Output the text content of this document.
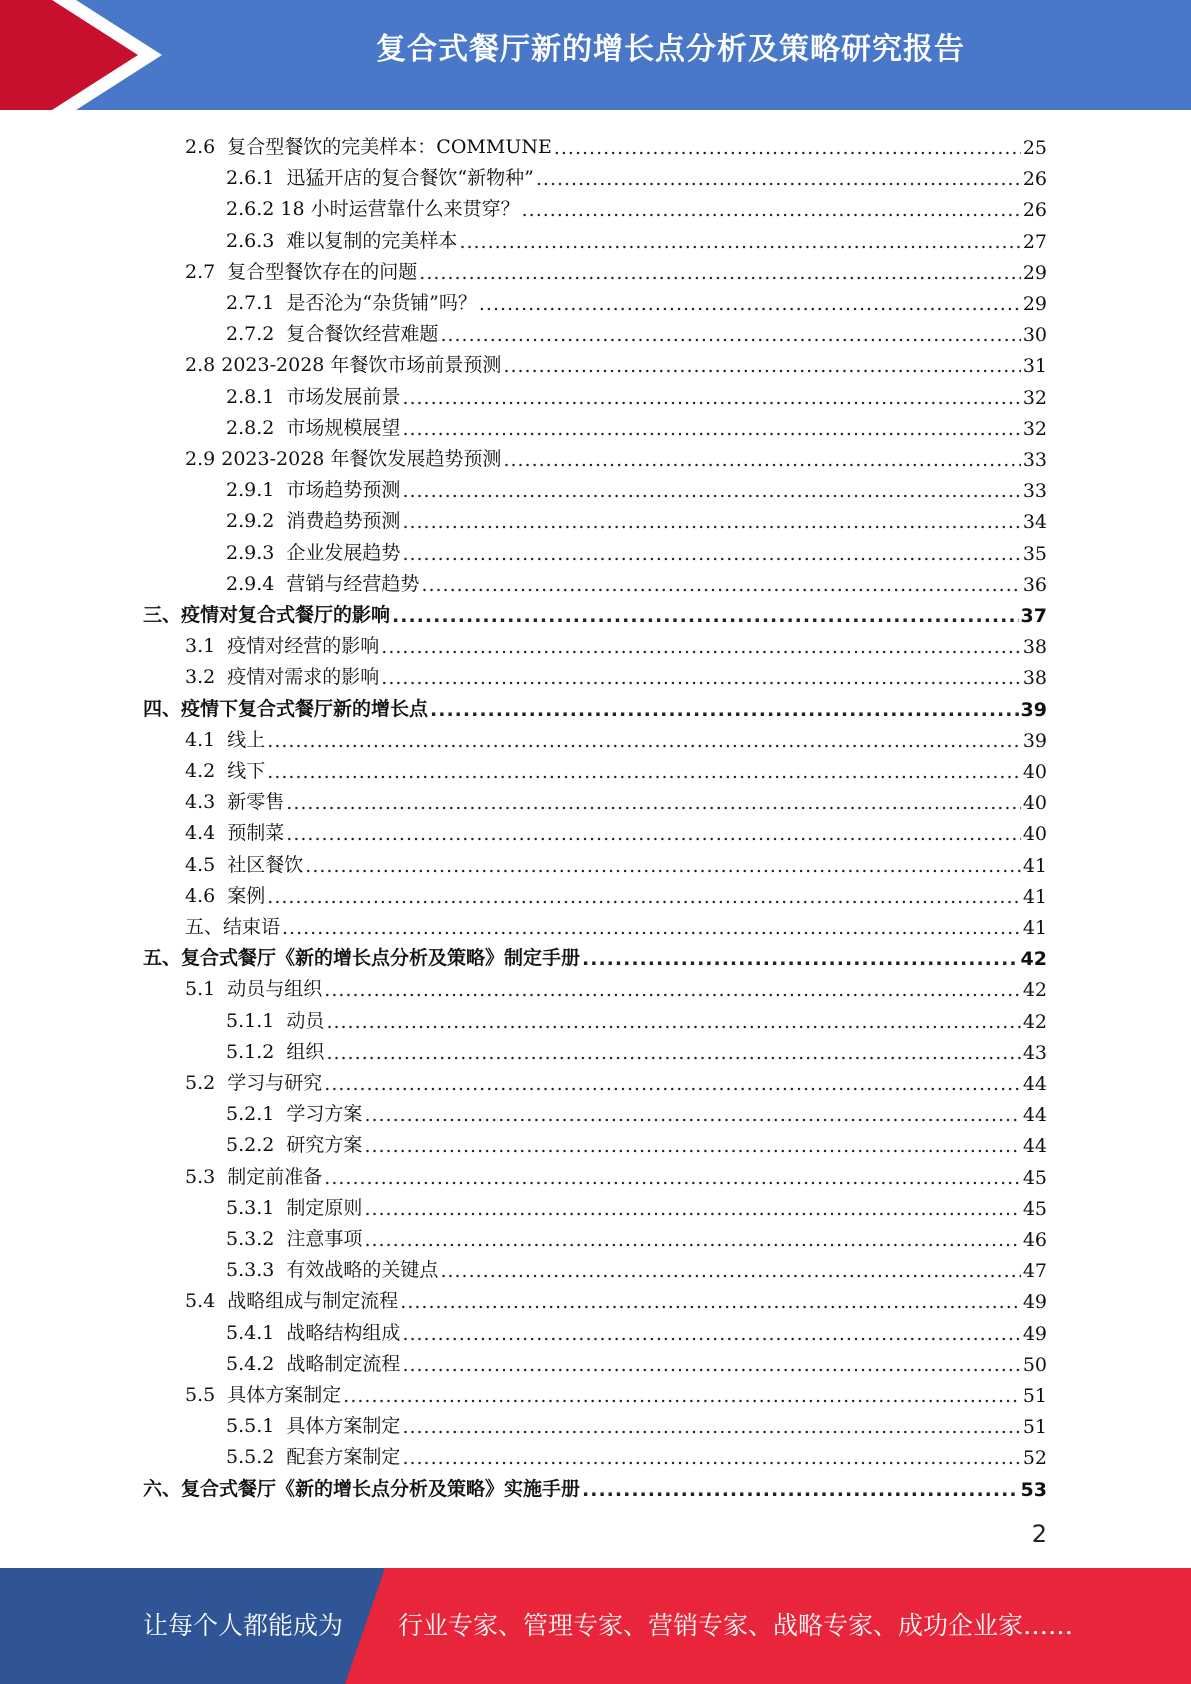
复合式餐厅新的增长点分析及策略研究报告
2.6  复合型餐饮的完美样本：COMMUNE .....	25
2.6.1  迅猛开店的复合餐饮“新物种” .....	26
2.6.2 18 小时运营靠什么来贯穿？ .....	26
2.6.3  难以复制的完美样本 .....	27
2.7  复合型餐饮存在的问题 .....	29
2.7.1  是否沦为“杂货铺”吗？ .....	29
2.7.2  复合餐饮经营难题 .....	30
2.8 2023-2028 年餐饮市场前景预测 .....	31
2.8.1  市场发展前景 .....	32
2.8.2  市场规模展望 .....	32
2.9 2023-2028 年餐饮发展趋势预测 .....	33
2.9.1  市场趋势预测 .....	33
2.9.2  消费趋势预测 .....	34
2.9.3  企业发展趋势 .....	35
2.9.4  营销与经营趋势 .....	36
三、疫情对复合式餐厅的影响 .....	37
3.1  疫情对经营的影响 .....	38
3.2  疫情对需求的影响 .....	38
四、疫情下复合式餐厅新的增长点 .....	39
4.1  线上 .....	39
4.2  线下 .....	40
4.3  新零售 .....	40
4.4  预制菜 .....	40
4.5  社区餐饮 .....	41
4.6  案例 .....	41
五、结束语 .....	41
五、复合式餐厅《新的增长点分析及策略》制定手册 .....	42
5.1  动员与组织 .....	42
5.1.1  动员 .....	42
5.1.2  组织 .....	43
5.2  学习与研究 .....	44
5.2.1  学习方案 .....	44
5.2.2  研究方案 .....	44
5.3  制定前准备 .....	45
5.3.1  制定原则 .....	45
5.3.2  注意事项 .....	46
5.3.3  有效战略的关键点 .....	47
5.4  战略组成与制定流程 .....	49
5.4.1  战略结构组成 .....	49
5.4.2  战略制定流程 .....	50
5.5  具体方案制定 .....	51
5.5.1  具体方案制定 .....	51
5.5.2  配套方案制定 .....	52
六、复合式餐厅《新的增长点分析及策略》实施手册 .....	53
2
让每个人都能成为 行业专家、管理专家、营销专家、战略专家、成功企业家……
